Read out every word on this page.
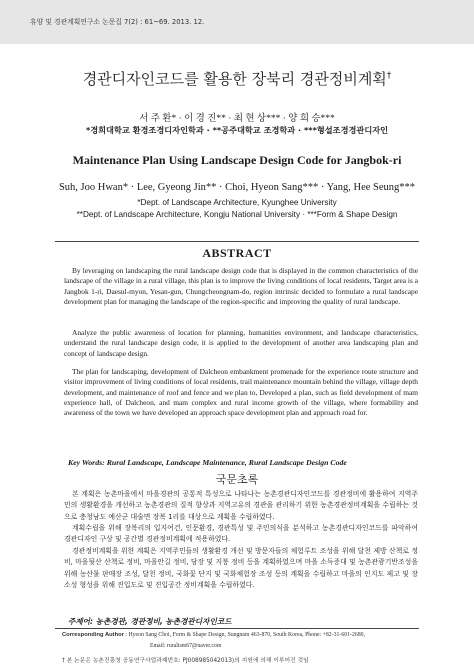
휴양 및 경관계획연구소 논문집 7(2) : 61~69. 2013. 12.
경관디자인코드를 활용한 장북리 경관정비계획†
서 주 환* · 이 경 진** · 최 현 상*** · 양 희 승***
*경희대학교 환경조경디자인학과 · **공주대학교 조경학과 · ***형설조경경관디자인
Maintenance Plan Using Landscape Design Code for Jangbok-ri
Suh, Joo Hwan* · Lee, Gyeong Jin** · Choi, Hyeon Sang*** · Yang, Hee Seung***
*Dept. of Landscape Architecture, Kyunghee University
**Dept. of Landscape Architecture, Kongju National University · ***Form & Shape Design
ABSTRACT
By leveraging on landscaping the rural landscape design code that is displayed in the common characteristics of the landscape of the village in a rural village, this plan is to improve the living conditions of local residents, Target area is a Jangbok 1-ri, Daesul-myon, Yesan-gun, Chungcheongnam-do, region intrinsic decided to formulate a rural landscape development plan for managing the landscape of the region-specific and improving the quality of rural landscape.
Analyze the public awareness of location for planning, humanities environment, and landscape characteristics, understand the rural landscape design code, it is applied to the development of another area landscaping plan and concept of landscape design.
The plan for landscaping, development of Dalcheon embankment promenade for the experience route structure and visitor improvement of living conditions of local residents, trail maintenance mountain behind the village, village depth development, and maintenance of roof and fence and we plan to, Developed a plan, such as field development of mam experience hall, of Dalcheon, and mam complex and rural income growth of the village, where formability and awareness of the town we have developed an approach space development plan and approach road for.
Key Words: Rural Landscape, Landscape Maintenance, Rural Landscape Design Code
국문초록
본 계획은 농촌마을에서 마을경관의 공통적 특성으로 나타나는 농촌경관디자인코드를 경관정비에 활용하여 지역주민의 생활환경을 개선하고 농촌경관의 질적 향상과 지역고유의 경관을 관리하기 위한 농촌경관정비계획을 수립하는 것으로 충청남도 예산군 대술면 장복 1리를 대상으로 계획을 수립하였다.
계획수립을 위해 장복리의 입지여건, 인문환경, 경관특성 및 주민의식을 분석하고 농촌경관디자인코드를 파악하여 경관디자인 구상 및 공간별 경관정비계획에 적용하였다.
경관정비계획을 위한 계획은 지역주민들의 생활환경 개선 및 방문자들의 체험루트 조성을 위해 달천 제방 산책로 정비, 마을뒷산 산책로 정비, 마을안길 정비, 담장 및 지붕 정비 등을 계획하였으며 마을 소득증대 및 농촌관광기반조성을 위해 농산물 판매장 조성, 달천 정비, 국화꽃 단지 및 국화체험장 조성 등의 계획을 수립하고 마을의 인지도 제고 및 장소성 형성을 위해 진입도로 및 진입공간 정비계획을 수립하였다.
주제어: 농촌경관, 경관정비, 농촌경관디자인코드
Corresponding Author : Hyeon Sang Choi, Form & Shape Design, Sungnam 463-870, South Korea, Phone: +82-31-601-2680,
Email: ruralism67@naver.com
† 본 논문은 농촌진흥청 공동연구사업과제번호: PJ008985042013)의 지원에 의해 이루어진 것임
